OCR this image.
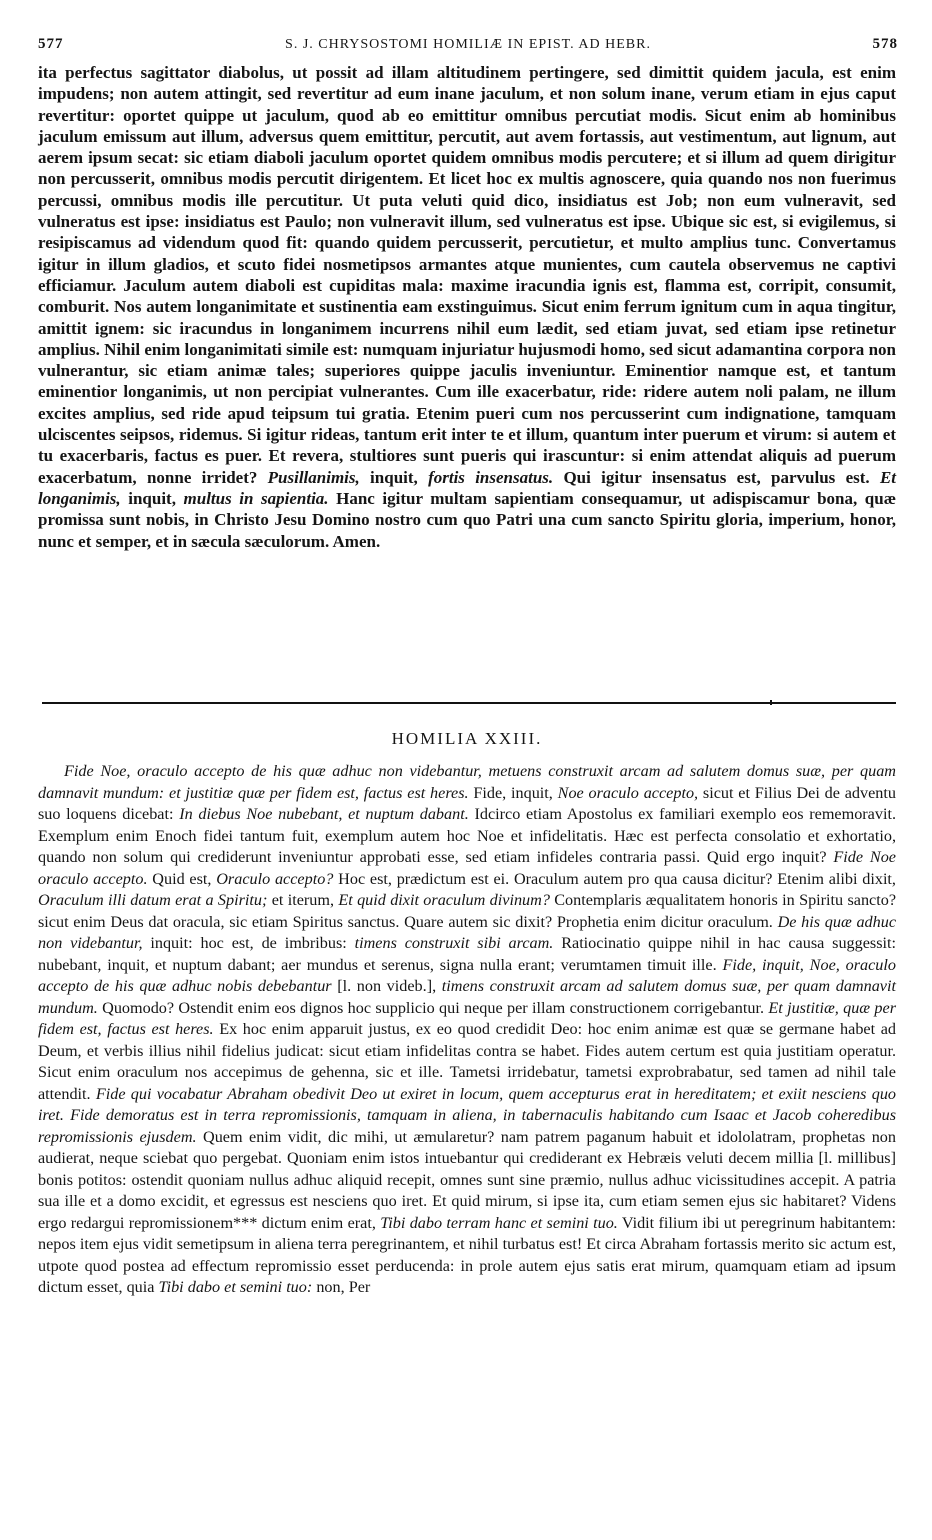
577	S. J. CHRYSOSTOMI HOMILIÆ IN EPIST. AD HEBR.	578

ita perfectus sagittator diabolus, ut possit ad illam altitudinem pertingere, sed dimittit quidem jacula, est enim impudens; non autem attingit, sed revertitur ad eum inane jaculum, et non solum inane, verum etiam in ejus caput revertitur: oportet quippe ut jaculum, quod ab eo emittitur omnibus percutiat modis. Sicut enim ab hominibus jaculum emissum aut illum, adversus quem emittitur, percutit, aut avem fortassis, aut vestimentum, aut lignum, aut aerem ipsum secat: sic etiam diaboli jaculum oportet quidem omnibus modis percutere; et si illum ad quem dirigitur non percusserit, omnibus modis percutit dirigentem. Et licet hoc ex multis agnoscere, quia quando nos non fuerimus percussi, omnibus modis ille percutitur. Ut puta veluti quid dico, insidiatus est Job; non eum vulneravit, sed vulneratus est ipse: insidiatus est Paulo; non vulneravit illum, sed vulneratus est ipse. Ubique sic est, si evigilemus, si resipiscamus ad videndum quod fit: quando quidem percusserit, percutietur, et multo amplius tunc. Convertamus igitur in illum gladios, et scuto fidei nosmetipsos armantes atque munientes, cum cautela observemus ne captivi efficiamur. Jaculum autem diaboli est cupiditas mala: maxime iracundia ignis est, flamma est, corripit, consumit, comburit. Nos autem longanimitate et sustinentia eam exstinguimus. Sicut enim ferrum ignitum cum in aqua tingitur, amittit ignem: sic iracundus in longanimem incurrens nihil eum lædit, sed etiam juvat, sed etiam ipse retinetur amplius. Nihil enim longanimitati simile est: numquam injuriatur hujusmodi homo, sed sicut adamantina corpora non vulnerantur, sic etiam animæ tales; superiores quippe jaculis inveniuntur. Eminentior namque est, et tantum eminentior longanimis, ut non percipiat vulnerantes. Cum ille exacerbatur, ride: ridere autem noli palam, ne illum excites amplius, sed ride apud teipsum tui gratia. Etenim pueri cum nos percusserint cum indignatione, tamquam ulciscentes seipsos, ridemus. Si igitur rideas, tantum erit inter te et illum, quantum inter puerum et virum: si autem et tu exacerbaris, factus es puer. Et revera, stultiores sunt pueris qui irascuntur: si enim attendat aliquis ad puerum exacerbatum, nonne irridet? Pusillanimis, inquit, fortis insensatus. Qui igitur insensatus est, parvulus est. Et longanimis, inquit, multus in sapientia. Hanc igitur multam sapientiam consequamur, ut adispiscamur bona, quæ promissa sunt nobis, in Christo Jesu Domino nostro cum quo Patri una cum sancto Spiritu gloria, imperium, honor, nunc et semper, et in sæcula sæculorum. Amen.

HOMILIA XXIII.

Fide Noe, oraculo accepto de his quæ adhuc non videbantur, metuens construxit arcam ad salutem domus suæ, per quam damnavit mundum: et justitiæ quæ per fidem est, factus est heres. Fide, inquit, Noe oraculo accepto, sicut et Filius Dei de adventu suo loquens dicebat: In diebus Noe nubebant, et nuptum dabant. Idcirco etiam Apostolus ex familiari exemplo eos rememoravit. Exemplum enim Enoch fidei tantum fuit, exemplum autem hoc Noe et infidelitatis. Hæc est perfecta consolatio et exhortatio, quando non solum qui crediderunt inveniuntur approbati esse, sed etiam infideles contraria passi. Quid ergo inquit? Fide Noe oraculo accepto. Quid est, Oraculo accepto? Hoc est, prædictum est ei. Oraculum autem pro qua causa dicitur? Etenim alibi dixit, Oraculum illi datum erat a Spiritu; et iterum, Et quid dixit oraculum divinum? Contemplaris æqualitatem honoris in Spiritu sancto? sicut enim Deus dat oracula, sic etiam Spiritus sanctus. Quare autem sic dixit? Prophetia enim dicitur oraculum. De his quæ adhuc non videbantur, inquit: hoc est, de imbribus: timens construxit sibi arcam. Ratiocinatio quippe nihil in hac causa suggessit: nubebant, inquit, et nuptum dabant; aer mundus et serenus, signa nulla erant; verumtamen timuit ille. Fide, inquit, Noe, oraculo accepto de his quæ adhuc nobis debebantur [l. non videb.], timens construxit arcam ad salutem domus suæ, per quam damnavit mundum. Quomodo? Ostendit enim eos dignos hoc supplicio qui neque per illam constructionem corrigebantur. Et justitiæ, quæ per fidem est, factus est heres. Ex hoc enim apparuit justus, ex eo quod credidit Deo: hoc enim animæ est quæ se germane habet ad Deum, et verbis illius nihil fidelius judicat: sicut etiam infidelitas contra se habet. Fides autem certum est quia justitiam operatur. Sicut enim oraculum nos accepimus de gehenna, sic et ille. Tametsi irridebatur, tametsi exprobrabatur, sed tamen ad nihil tale attendit. Fide qui vocabatur Abraham obedivit Deo ut exiret in locum, quem accepturus erat in hereditatem; et exiit nesciens quo iret. Fide demoratus est in terra repromissionis, tamquam in aliena, in tabernaculis habitando cum Isaac et Jacob coheredibus repromissionis ejusdem. Quem enim vidit, dic mihi, ut æmularetur? nam patrem paganum habuit et idololatram, prophetas non audierat, neque sciebat quo pergebat. Quoniam enim istos intuebantur qui crediderant ex Hebræis veluti decem millia [l. millibus] bonis potitos: ostendit quoniam nullus adhuc aliquid recepit, omnes sunt sine præmio, nullus adhuc vicissitudines accepit. A patria sua ille et a domo excidit, et egressus est nesciens quo iret. Et quid mirum, si ipse ita, cum etiam semen ejus sic habitaret? Videns ergo redargui repromissionem*** dictum enim erat, Tibi dabo terram hanc et semini tuo. Vidit filium ibi ut peregrinum habitantem: nepos item ejus vidit semetipsum in aliena terra peregrinantem, et nihil turbatus est! Et circa Abraham fortassis merito sic actum est, utpote quod postea ad effectum repromissio esset perducenda: in prole autem ejus satis erat mirum, quamquam etiam ad ipsum dictum esset, quia Tibi dabo et semini tuo: non, Per
